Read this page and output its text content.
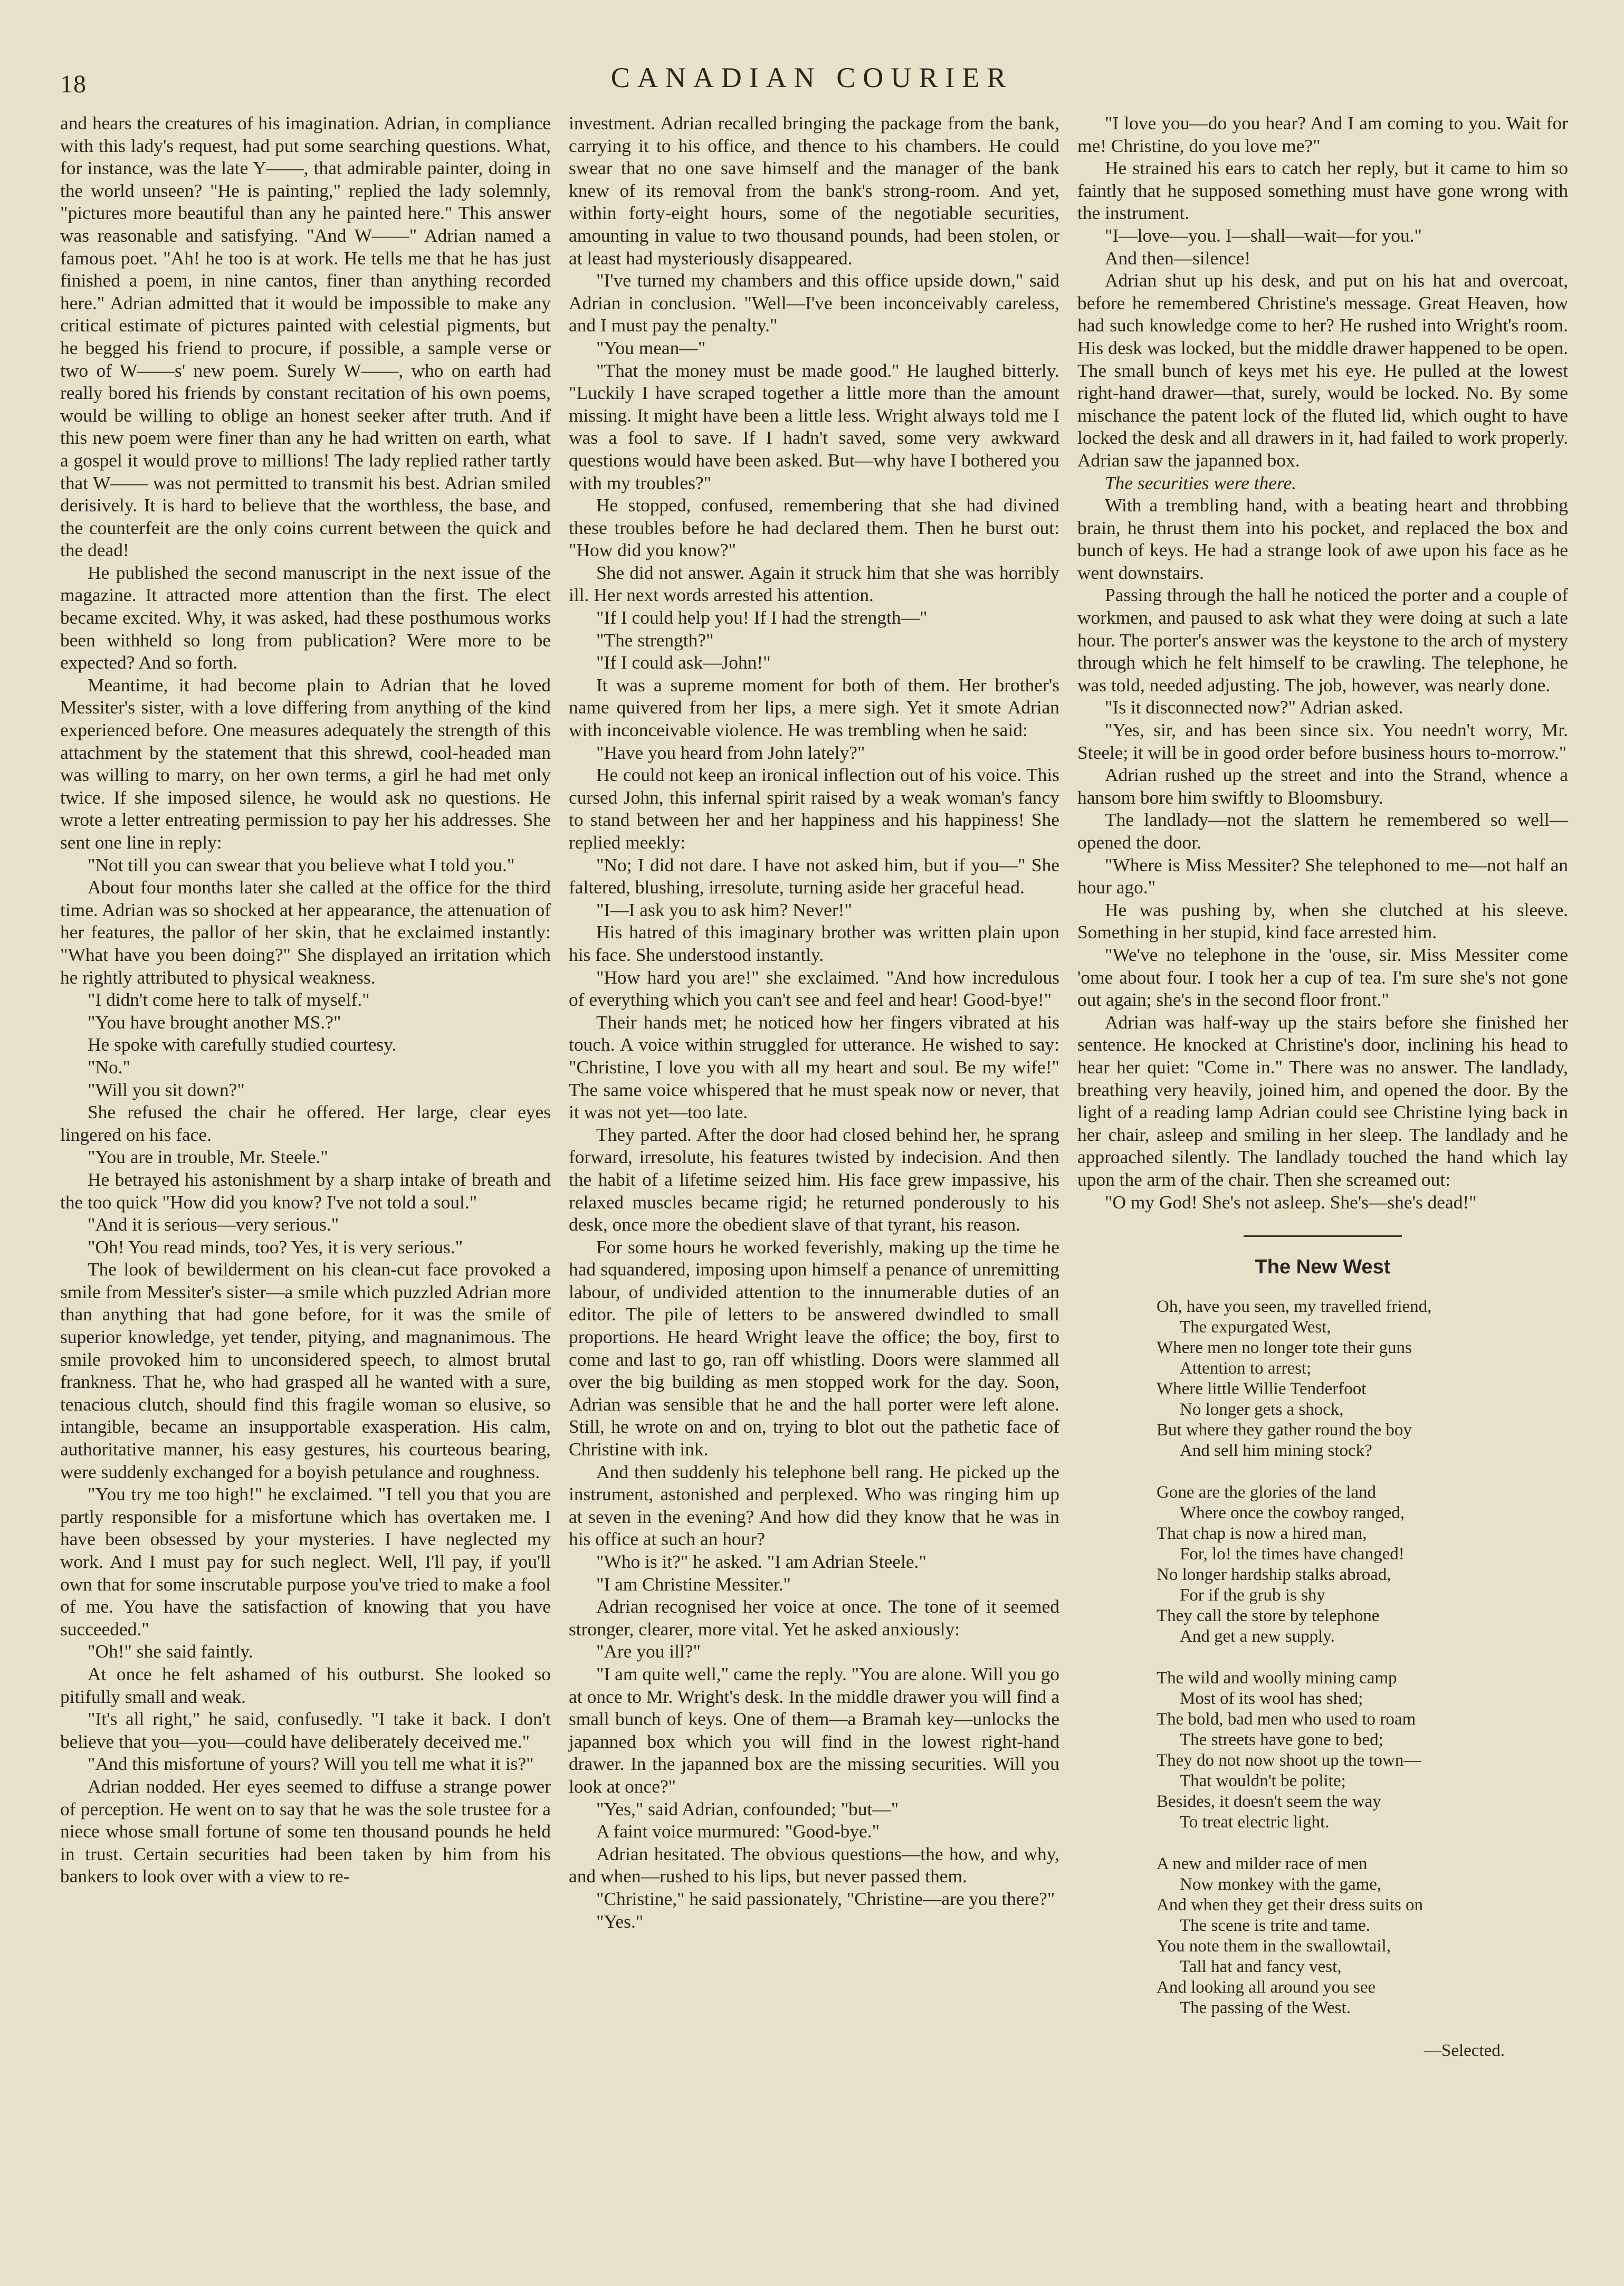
18	CANADIAN COURIER

and hears the creatures of his imagination. Adrian, in compliance with this lady's request, had put some searching questions. What, for instance, was the late Y——, that admirable painter, doing in the world unseen? "He is painting," replied the lady solemnly, "pictures more beautiful than any he painted here." This answer was reasonable and satisfying. "And W——" Adrian named a famous poet. "Ah! he too is at work. He tells me that he has just finished a poem, in nine cantos, finer than anything recorded here." Adrian admitted that it would be impossible to make any critical estimate of pictures painted with celestial pigments, but he begged his friend to procure, if possible, a sample verse or two of W——s' new poem. Surely W——, who on earth had really bored his friends by constant recitation of his own poems, would be willing to oblige an honest seeker after truth. And if this new poem were finer than any he had written on earth, what a gospel it would prove to millions! The lady replied rather tartly that W—— was not permitted to transmit his best. Adrian smiled derisively. It is hard to believe that the worthless, the base, and the counterfeit are the only coins current between the quick and the dead!

He published the second manuscript in the next issue of the magazine. It attracted more attention than the first. The elect became excited. Why, it was asked, had these posthumous works been withheld so long from publication? Were more to be expected? And so forth.

Meantime, it had become plain to Adrian that he loved Messiter's sister, with a love differing from anything of the kind experienced before. One measures adequately the strength of this attachment by the statement that this shrewd, cool-headed man was willing to marry, on her own terms, a girl he had met only twice. If she imposed silence, he would ask no questions. He wrote a letter entreating permission to pay her his addresses. She sent one line in reply:

"Not till you can swear that you believe what I told you."

About four months later she called at the office for the third time. Adrian was so shocked at her appearance, the attenuation of her features, the pallor of her skin, that he exclaimed instantly: "What have you been doing?" She displayed an irritation which he rightly attributed to physical weakness.

"I didn't come here to talk of myself."

"You have brought another MS.?"

He spoke with carefully studied courtesy.

"No."

"Will you sit down?"

She refused the chair he offered. Her large, clear eyes lingered on his face.

"You are in trouble, Mr. Steele."

He betrayed his astonishment by a sharp intake of breath and the too quick "How did you know? I've not told a soul."

"And it is serious—very serious."

"Oh! You read minds, too? Yes, it is very serious."

The look of bewilderment on his clean-cut face provoked a smile from Messiter's sister—a smile which puzzled Adrian more than anything that had gone before, for it was the smile of superior knowledge, yet tender, pitying, and magnanimous. The smile provoked him to unconsidered speech, to almost brutal frankness. That he, who had grasped all he wanted with a sure, tenacious clutch, should find this fragile woman so elusive, so intangible, became an insupportable exasperation. His calm, authoritative manner, his easy gestures, his courteous bearing, were suddenly exchanged for a boyish petulance and roughness.

"You try me too high!" he exclaimed. "I tell you that you are partly responsible for a misfortune which has overtaken me. I have been obsessed by your mysteries. I have neglected my work. And I must pay for such neglect. Well, I'll pay, if you'll own that for some inscrutable purpose you've tried to make a fool of me. You have the satisfaction of knowing that you have succeeded."

"Oh!" she said faintly.

At once he felt ashamed of his outburst. She looked so pitifully small and weak.

"It's all right," he said, confusedly. "I take it back. I don't believe that you—you—could have deliberately deceived me."

"And this misfortune of yours? Will you tell me what it is?"

Adrian nodded. Her eyes seemed to diffuse a strange power of perception. He went on to say that he was the sole trustee for a niece whose small fortune of some ten thousand pounds he held in trust. Certain securities had been taken by him from his bankers to look over with a view to re-

investment. Adrian recalled bringing the package from the bank, carrying it to his office, and thence to his chambers. He could swear that no one save himself and the manager of the bank knew of its removal from the bank's strong-room. And yet, within forty-eight hours, some of the negotiable securities, amounting in value to two thousand pounds, had been stolen, or at least had mysteriously disappeared.

"I've turned my chambers and this office upside down," said Adrian in conclusion. "Well—I've been inconceivably careless, and I must pay the penalty."

"You mean—"

"That the money must be made good." He laughed bitterly. "Luckily I have scraped together a little more than the amount missing. It might have been a little less. Wright always told me I was a fool to save. If I hadn't saved, some very awkward questions would have been asked. But—why have I bothered you with my troubles?"

He stopped, confused, remembering that she had divined these troubles before he had declared them. Then he burst out: "How did you know?"

She did not answer. Again it struck him that she was horribly ill. Her next words arrested his attention.

"If I could help you! If I had the strength—"

"The strength?"

"If I could ask—John!"

It was a supreme moment for both of them. Her brother's name quivered from her lips, a mere sigh. Yet it smote Adrian with inconceivable violence. He was trembling when he said:

"Have you heard from John lately?"

He could not keep an ironical inflection out of his voice. This cursed John, this infernal spirit raised by a weak woman's fancy to stand between her and her happiness and his happiness! She replied meekly:

"No; I did not dare. I have not asked him, but if you—" She faltered, blushing, irresolute, turning aside her graceful head.

"I—I ask you to ask him? Never!"

His hatred of this imaginary brother was written plain upon his face. She understood instantly.

"How hard you are!" she exclaimed. "And how incredulous of everything which you can't see and feel and hear! Good-bye!"

Their hands met; he noticed how her fingers vibrated at his touch. A voice within struggled for utterance. He wished to say: "Christine, I love you with all my heart and soul. Be my wife!" The same voice whispered that he must speak now or never, that it was not yet—too late.

They parted. After the door had closed behind her, he sprang forward, irresolute, his features twisted by indecision. And then the habit of a lifetime seized him. His face grew impassive, his relaxed muscles became rigid; he returned ponderously to his desk, once more the obedient slave of that tyrant, his reason.

For some hours he worked feverishly, making up the time he had squandered, imposing upon himself a penance of unremitting labour, of undivided attention to the innumerable duties of an editor. The pile of letters to be answered dwindled to small proportions. He heard Wright leave the office; the boy, first to come and last to go, ran off whistling. Doors were slammed all over the big building as men stopped work for the day. Soon, Adrian was sensible that he and the hall porter were left alone. Still, he wrote on and on, trying to blot out the pathetic face of Christine with ink.

And then suddenly his telephone bell rang. He picked up the instrument, astonished and perplexed. Who was ringing him up at seven in the evening? And how did they know that he was in his office at such an hour?

"Who is it?" he asked. "I am Adrian Steele."

"I am Christine Messiter."

Adrian recognised her voice at once. The tone of it seemed stronger, clearer, more vital. Yet he asked anxiously:

"Are you ill?"

"I am quite well," came the reply. "You are alone. Will you go at once to Mr. Wright's desk. In the middle drawer you will find a small bunch of keys. One of them—a Bramah key—unlocks the japanned box which you will find in the lowest right-hand drawer. In the japanned box are the missing securities. Will you look at once?"

"Yes," said Adrian, confounded; "but—"

A faint voice murmured: "Good-bye."

Adrian hesitated. The obvious questions—the how, and why, and when—rushed to his lips, but never passed them.

"Christine," he said passionately, "Christine—are you there?"

"Yes."

"I love you—do you hear? And I am coming to you. Wait for me! Christine, do you love me?"

He strained his ears to catch her reply, but it came to him so faintly that he supposed something must have gone wrong with the instrument.

"I—love—you. I—shall—wait—for you."

And then—silence!

Adrian shut up his desk, and put on his hat and overcoat, before he remembered Christine's message. Great Heaven, how had such knowledge come to her? He rushed into Wright's room. His desk was locked, but the middle drawer happened to be open. The small bunch of keys met his eye. He pulled at the lowest right-hand drawer—that, surely, would be locked. No. By some mischance the patent lock of the fluted lid, which ought to have locked the desk and all drawers in it, had failed to work properly. Adrian saw the japanned box.

The securities were there.

With a trembling hand, with a beating heart and throbbing brain, he thrust them into his pocket, and replaced the box and bunch of keys. He had a strange look of awe upon his face as he went downstairs.

Passing through the hall he noticed the porter and a couple of workmen, and paused to ask what they were doing at such a late hour. The porter's answer was the keystone to the arch of mystery through which he felt himself to be crawling. The telephone, he was told, needed adjusting. The job, however, was nearly done.

"Is it disconnected now?" Adrian asked.

"Yes, sir, and has been since six. You needn't worry, Mr. Steele; it will be in good order before business hours to-morrow."

Adrian rushed up the street and into the Strand, whence a hansom bore him swiftly to Bloomsbury.

The landlady—not the slattern he remembered so well—opened the door.

"Where is Miss Messiter? She telephoned to me—not half an hour ago."

He was pushing by, when she clutched at his sleeve. Something in her stupid, kind face arrested him.

"We've no telephone in the 'ouse, sir. Miss Messiter come 'ome about four. I took her a cup of tea. I'm sure she's not gone out again; she's in the second floor front."

Adrian was half-way up the stairs before she finished her sentence. He knocked at Christine's door, inclining his head to hear her quiet: "Come in." There was no answer. The landlady, breathing very heavily, joined him, and opened the door. By the light of a reading lamp Adrian could see Christine lying back in her chair, asleep and smiling in her sleep. The landlady and he approached silently. The landlady touched the hand which lay upon the arm of the chair. Then she screamed out:

"O my God! She's not asleep. She's—she's dead!"

The New West
Oh, have you seen, my travelled friend,
The expurgated West,
Where men no longer tote their guns
Attention to arrest;
Where little Willie Tenderfoot
No longer gets a shock,
But where they gather round the boy
And sell him mining stock?
Gone are the glories of the land
Where once the cowboy ranged,
That chap is now a hired man,
For, lo! the times have changed!
No longer hardship stalks abroad,
For if the grub is shy
They call the store by telephone
And get a new supply.
The wild and woolly mining camp
Most of its wool has shed;
The bold, bad men who used to roam
The streets have gone to bed;
They do not now shoot up the town—
That wouldn't be polite;
Besides, it doesn't seem the way
To treat electric light.
A new and milder race of men
Now monkey with the game,
And when they get their dress suits on
The scene is trite and tame.
You note them in the swallowtail,
Tall hat and fancy vest,
And looking all around you see
The passing of the West.
—Selected.
